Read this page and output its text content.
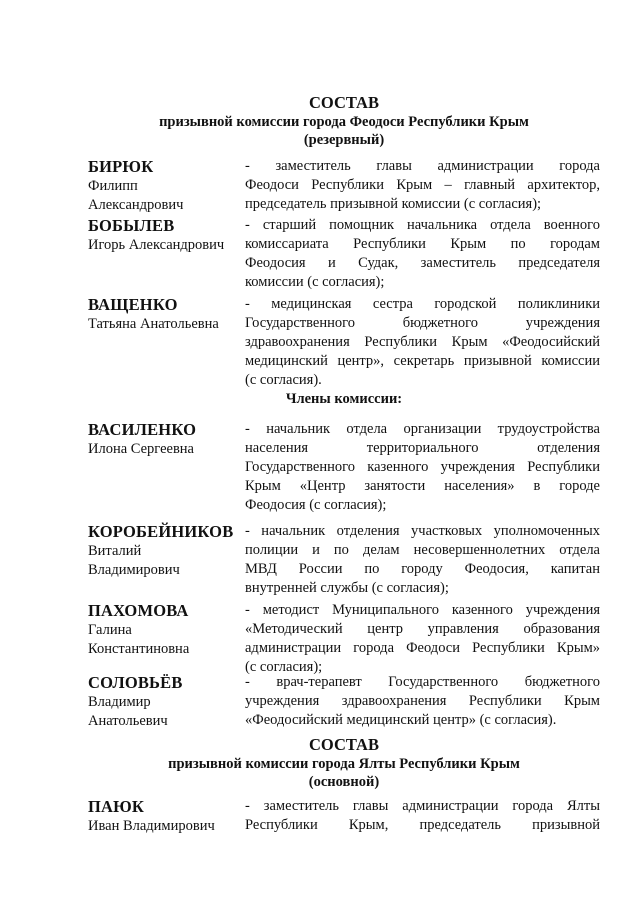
СОСТАВ
призывной комиссии города Феодоси Республики Крым
(резервный)
БИРЮК
Филипп
Александрович
- заместитель главы администрации города
Феодоси Республики Крым – главный архитектор,
председатель призывной комиссии (с согласия);
БОБЫЛЕВ
Игорь Александрович
- старший помощник начальника отдела военного
комиссариата Республики Крым по городам
Феодосия и Судак, заместитель председателя
комиссии (с согласия);
ВАЩЕНКО
Татьяна Анатольевна
- медицинская сестра городской поликлиники
Государственного бюджетного учреждения
здравоохранения Республики Крым «Феодосийский
медицинский центр», секретарь призывной комиссии
(с согласия).
Члены комиссии:
ВАСИЛЕНКО
Илона Сергеевна
- начальник отдела организации трудоустройства
населения территориального отделения
Государственного казенного учреждения Республики
Крым «Центр занятости населения» в городе
Феодосия (с согласия);
КОРОБЕЙНИКОВ
Виталий
Владимирович
- начальник отделения участковых уполномоченных
полиции и по делам несовершеннолетних отдела
МВД России по городу Феодосия, капитан
внутренней службы (с согласия);
ПАХОМОВА
Галина
Константиновна
- методист Муниципального казенного учреждения
«Методический центр управления образования
администрации города Феодоси Республики Крым»
(с согласия);
СОЛОВЬЁВ
Владимир
Анатольевич
- врач-терапевт Государственного бюджетного
учреждения здравоохранения Республики Крым
«Феодосийский медицинский центр» (с согласия).
СОСТАВ
призывной комиссии города Ялты Республики Крым
(основной)
ПАЮК
Иван Владимирович
- заместитель главы администрации города Ялты
Республики Крым, председатель призывной
